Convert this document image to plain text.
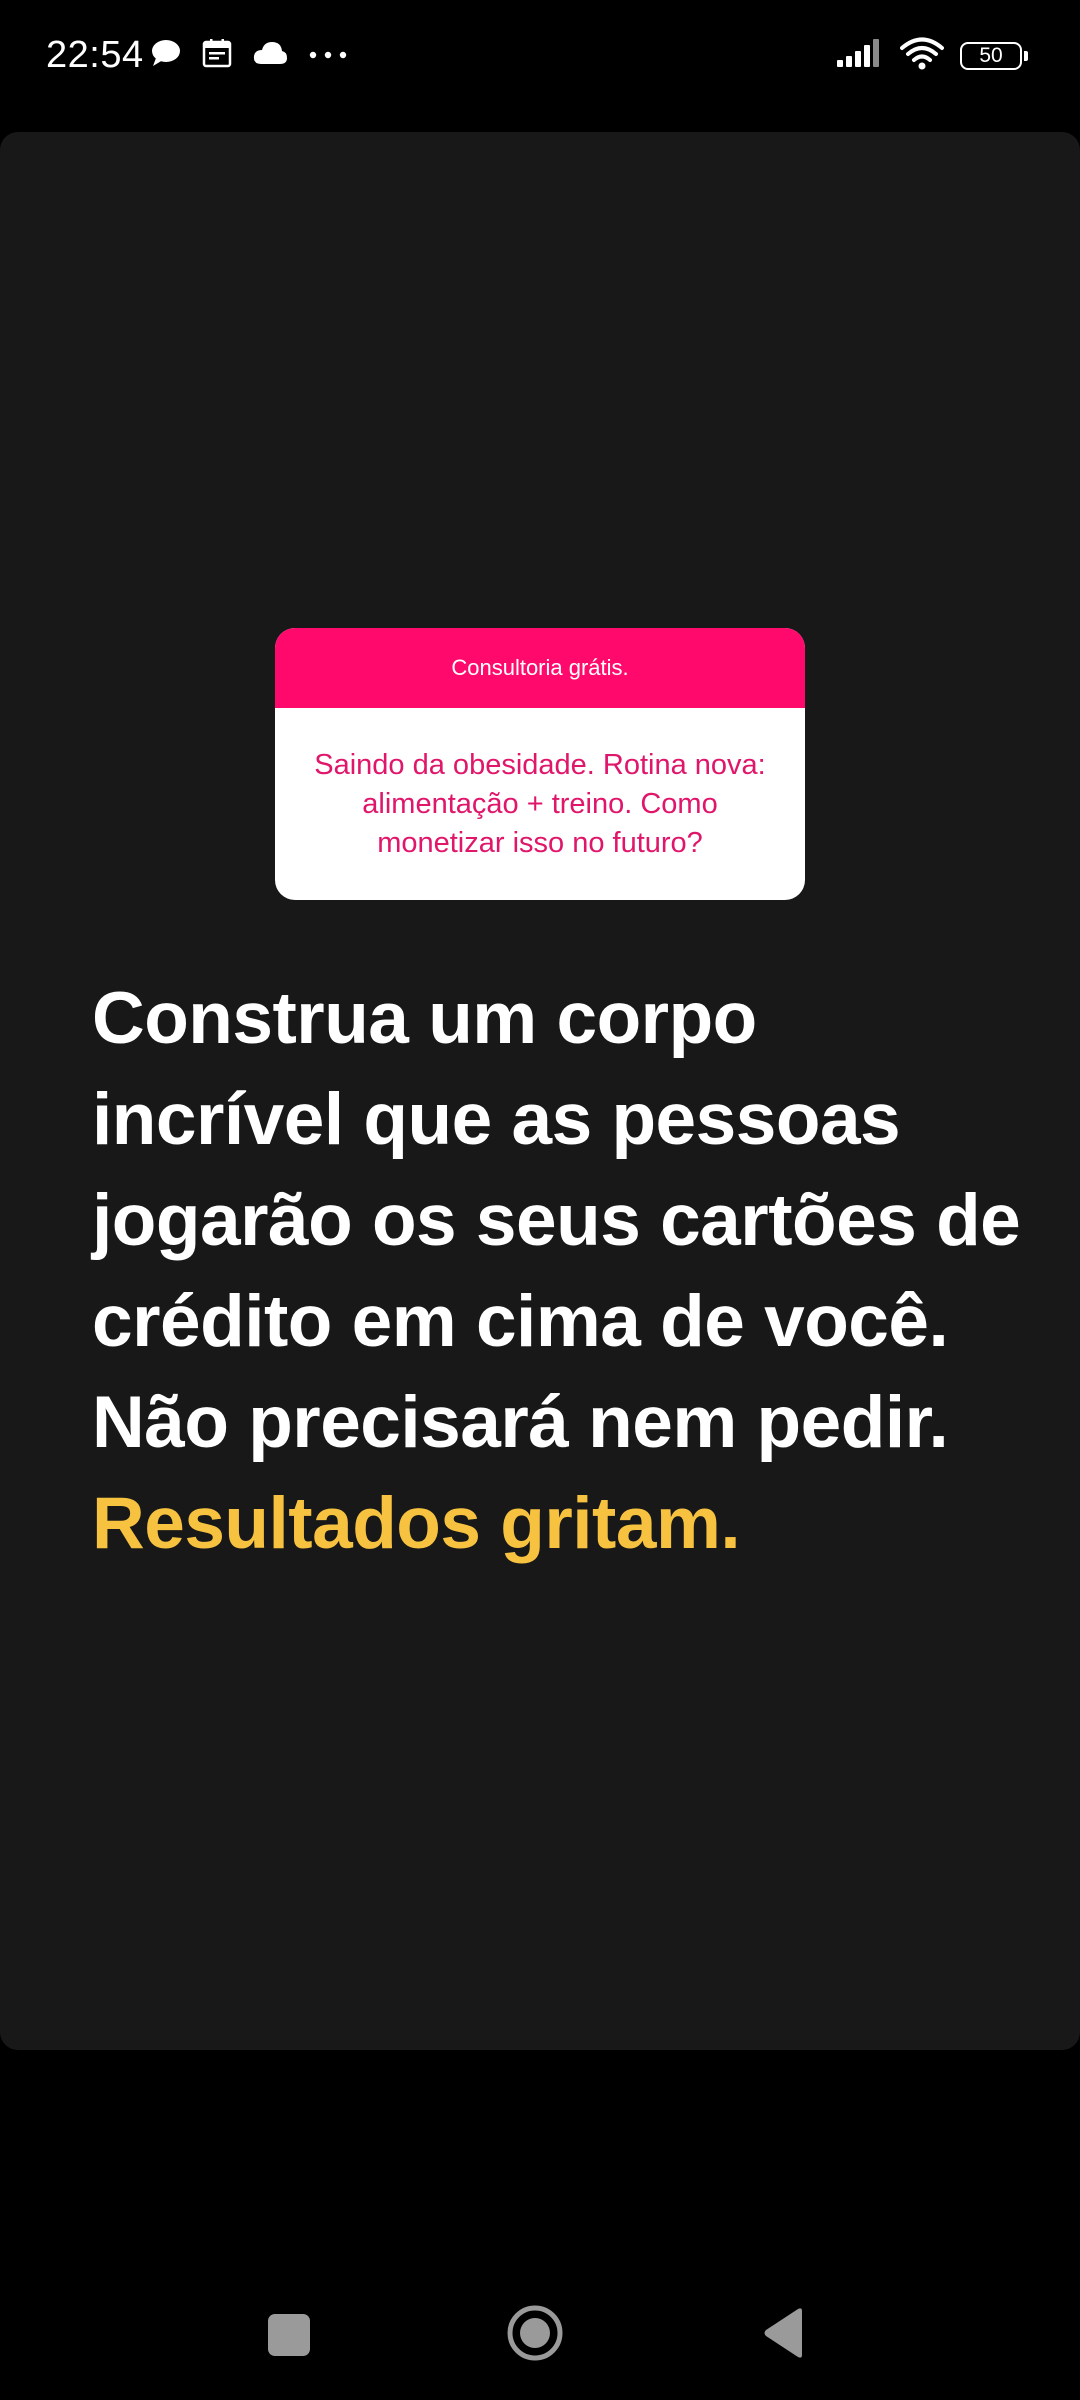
22:54	50
Consultoria grátis.
Saindo da obesidade. Rotina nova: alimentação + treino. Como monetizar isso no futuro?
Construa um corpo incrível que as pessoas jogarão os seus cartões de crédito em cima de você. Não precisará nem pedir. Resultados gritam.
